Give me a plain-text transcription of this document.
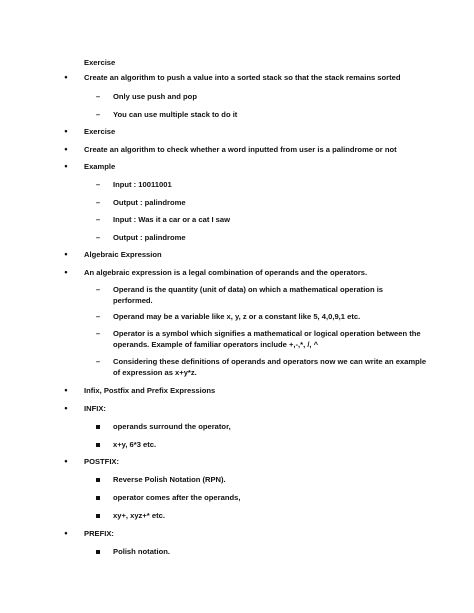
Exercise
•	Create an algorithm to push a value into a sorted stack so that the stack remains sorted
–	Only use push and pop
–	You can use multiple stack to do it
•	Exercise
•	Create an algorithm to check whether a word inputted from user is a palindrome or not
•	Example
–	Input : 10011001
–	Output : palindrome
–	Input : Was it a car or a cat I saw
–	Output : palindrome
•	Algebraic Expression
•	An algebraic expression is a legal combination of operands and the operators.
–	Operand is the quantity (unit of data) on which a mathematical operation is
performed.
–	Operand may be a variable like x, y, z or a constant like 5, 4,0,9,1 etc.
–	Operator is a symbol which signifies a mathematical or logical operation between the
operands. Example of familiar operators include +,-,*, /, ^
–	Considering these definitions of operands and operators now we can write an example
of expression as x+y*z.
•	Infix, Postfix and Prefix Expressions
•	INFIX:
operands surround the operator,
x+y, 6*3 etc.
•	POSTFIX:
Reverse Polish Notation (RPN).
operator comes after the operands,
xy+, xyz+* etc.
•	PREFIX:
Polish notation.
